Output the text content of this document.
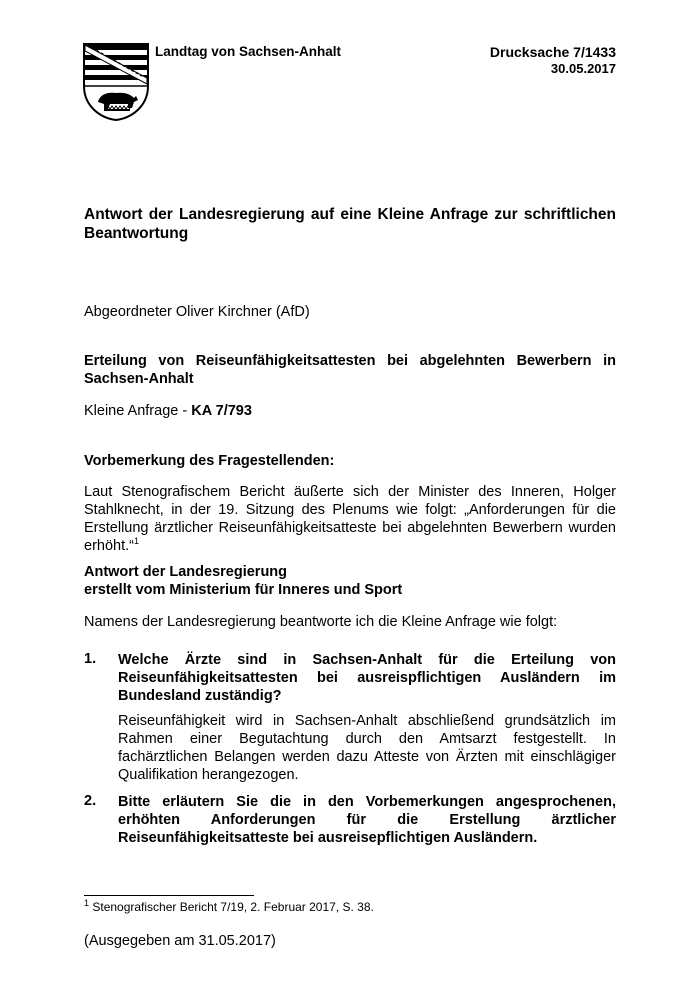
Landtag von Sachsen-Anhalt	Drucksache 7/1433
30.05.2017
Antwort der Landesregierung auf eine Kleine Anfrage zur schriftlichen Beantwortung
Abgeordneter Oliver Kirchner (AfD)
Erteilung von Reiseunfähigkeitsattesten bei abgelehnten Bewerbern in Sachsen-Anhalt
Kleine Anfrage - KA 7/793
Vorbemerkung des Fragestellenden:
Laut Stenografischem Bericht äußerte sich der Minister des Inneren, Holger Stahlknecht, in der 19. Sitzung des Plenums wie folgt: „Anforderungen für die Erstellung ärztlicher Reiseunfähigkeitsatteste bei abgelehnten Bewerbern wurden erhöht.“$^1$
Antwort der Landesregierung
erstellt vom Ministerium für Inneres und Sport
Namens der Landesregierung beantworte ich die Kleine Anfrage wie folgt:
1. Welche Ärzte sind in Sachsen-Anhalt für die Erteilung von Reiseunfähigkeitsattesten bei ausreispflichtigen Ausländern im Bundesland zuständig?
Reiseunfähigkeit wird in Sachsen-Anhalt abschließend grundsätzlich im Rahmen einer Begutachtung durch den Amtsarzt festgestellt. In fachärztlichen Belangen werden dazu Atteste von Ärzten mit einschlägiger Qualifikation herangezogen.
2. Bitte erläutern Sie die in den Vorbemerkungen angesprochenen, erhöhten Anforderungen für die Erstellung ärztlicher Reiseunfähigkeitsatteste bei ausreisepflichtigen Ausländern.
$^1$ Stenografischer Bericht 7/19, 2. Februar 2017, S. 38.
(Ausgegeben am 31.05.2017)
